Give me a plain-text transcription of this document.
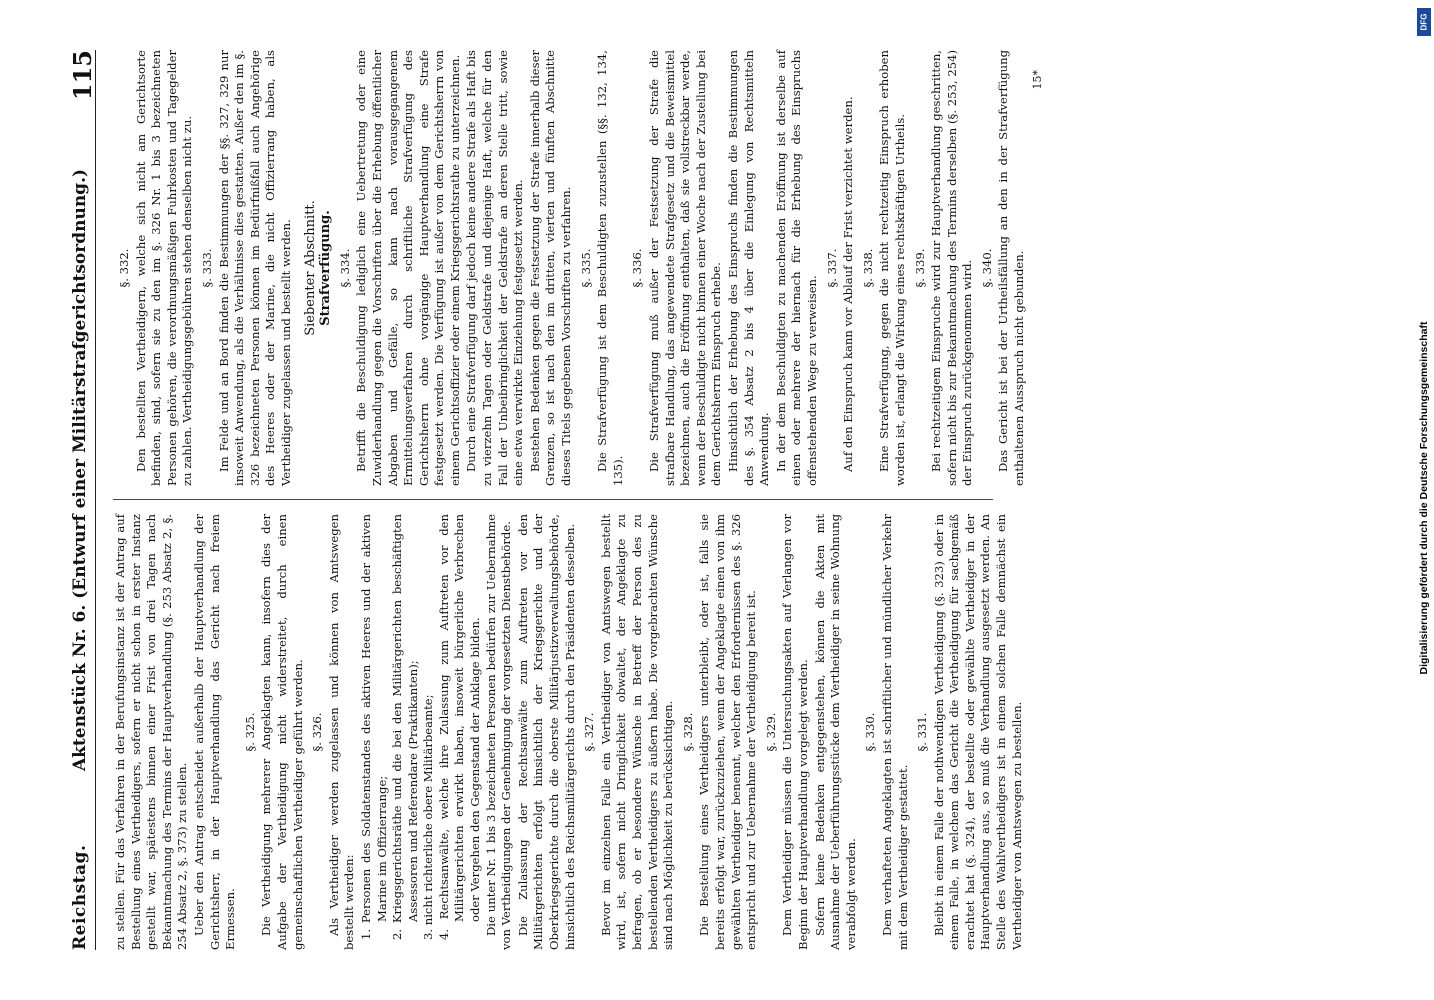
Reichstag.
Aktenstück Nr. 6. (Entwurf einer Militärstrafgerichtsordnung.)
115

zu stellen. Für das Verfahren in der Berufungsinstanz ist der Antrag auf Bestellung eines Vertheidigers, sofern er nicht schon in erster Instanz gestellt war, spätestens binnen einer Frist von drei Tagen nach Bekanntmachung des Termins der Hauptverhandlung (§. 253 Absatz 2, §. 254 Absatz 2, §. 373) zu stellen. Ueber den Antrag entscheidet außerhalb der Hauptverhandlung der Gerichtsherr, in der Hauptverhandlung das Gericht nach freiem Ermessen.

§. 325. Die Vertheidigung mehrerer Angeklagten kann, insofern dies der Aufgabe der Vertheidigung nicht widerstreitet, durch einen gemeinschaftlichen Vertheidiger geführt werden. §. 326. Als Vertheidiger werden zugelassen und können von Amtswegen bestellt werden: 1. Personen des Soldatenstandes des aktiven Heeres und der aktiven Marine im Offizierrange; 2. Kriegsgerichtsräthe und die bei den Militärgerichten beschäftigten Assessoren und Referendare (Praktikanten); 3. nicht richterliche obere Militärbeamte; 4. Rechtsanwälte, welche ihre Zulassung zum Auftreten vor den Militärgerichten erwirkt haben, insoweit bürgerliche Verbrechen oder Vergehen den Gegenstand der Anklage bilden. Die unter Nr. 1 bis 3 bezeichneten Personen bedürfen zur Uebernahme von Vertheidigungen der Genehmigung der vorgesetzten Dienstbehörde. Die Zulassung der Rechtsanwälte zum Auftreten vor den Militärgerichten erfolgt hinsichtlich der Kriegsgerichte und der Oberkriegsgerichte durch die oberste Militärjustizverwaltungsbehörde, hinsichtlich des Reichsmilitärgerichts durch den Präsidenten desselben. §. 327. Bevor im einzelnen Falle ein Vertheidiger von Amtswegen bestellt wird, ist, sofern nicht Dringlichkeit obwaltet, der Angeklagte zu befragen, ob er besondere Wünsche in Betreff der Person des zu bestellenden Vertheidigers zu äußern habe. Die vorgebrachten Wünsche sind nach Möglichkeit zu berücksichtigen. §. 328. Die Bestellung eines Vertheidigers unterbleibt, oder ist, falls sie bereits erfolgt war, zurückzuziehen, wenn der Angeklagte einen von ihm gewählten Vertheidiger benennt, welcher den Erfordernissen des §. 326 entspricht und zur Uebernahme der Vertheidigung bereit ist. §. 329. Dem Vertheidiger müssen die Untersuchungsakten auf Verlangen vor Beginn der Hauptverhandlung vorgelegt werden. Sofern keine Bedenken entgegenstehen, können die Akten mit Ausnahme der Ueberführungsstücke dem Vertheidiger in seine Wohnung verabfolgt werden.

§. 330. Dem verhafteten Angeklagten ist schriftlicher und mündlicher Verkehr mit dem Vertheidiger gestattet.

§. 331. Bleibt in einem Falle der nothwendigen Vertheidigung (§. 323) oder in einem Falle, in welchem das Gericht die Vertheidigung für sachgemäß erachtet hat (§. 324), der bestellte oder gewählte Vertheidiger in der Hauptverhandlung aus, so muß die Verhandlung ausgesetzt werden. An Stelle des Wahlvertheidigers ist in einem solchen Falle demnächst ein Vertheidiger von Amtswegen zu bestellen.

§. 332. Den bestellten Vertheidigern, welche sich nicht am Gerichtsorte befinden, sind, sofern sie zu den im §. 326 Nr. 1 bis 3 bezeichneten Personen gehören, die verordnungsmäßigen Fuhrkosten und Tagegelder zu zahlen. Vertheidigungsgebühren stehen denselben nicht zu. §. 333. Im Felde und an Bord finden die Bestimmungen der §§. 327, 329 nur insoweit Anwendung, als die Verhältnisse dies gestatten. Außer den im §. 326 bezeichneten Personen können im Bedürfnißfall auch Angehörige des Heeres oder der Marine, die nicht Offizierrang haben, als Vertheidiger zugelassen und bestellt werden. Siebenter Abschnitt. Strafverfügung. §. 334. Betrifft die Beschuldigung lediglich eine Uebertretung oder eine Zuwiderhandlung gegen die Vorschriften über die Erhebung öffentlicher Abgaben und Gefälle, so kann nach vorausgegangenem Ermittelungsverfahren durch schriftliche Strafverfügung des Gerichtsherrn ohne vorgängige Hauptverhandlung eine Strafe festgesetzt werden. Die Verfügung ist außer von dem Gerichtsherrn von einem Gerichtsoffizier oder einem Kriegsgerichtsrathe zu unterzeichnen. Durch eine Strafverfügung darf jedoch keine andere Strafe als Haft bis zu vierzehn Tagen oder Geldstrafe und diejenige Haft, welche für den Fall der Unbeibringlichkeit der Geldstrafe an deren Stelle tritt, sowie eine etwa verwirkte Einziehung festgesetzt werden. Bestehen Bedenken gegen die Festsetzung der Strafe innerhalb dieser Grenzen, so ist nach den im dritten, vierten und fünften Abschnitte dieses Titels gegebenen Vorschriften zu verfahren. §. 335. Die Strafverfügung ist dem Beschuldigten zuzustellen (§§. 132, 134, 135).

§. 336. Die Strafverfügung muß außer der Festsetzung der Strafe die strafbare Handlung, das angewendete Strafgesetz und die Beweismittel bezeichnen, auch die Eröffnung enthalten, daß sie vollstreckbar werde, wenn der Beschuldigte nicht binnen einer Woche nach der Zustellung bei dem Gerichtsherrn Einspruch erhebe. Hinsichtlich der Erhebung des Einspruchs finden die Bestimmungen des §. 354 Absatz 2 bis 4 über die Einlegung von Rechtsmitteln Anwendung. In der dem Beschuldigten zu machenden Eröffnung ist derselbe auf einen oder mehrere der hiernach für die Erhebung des Einspruchs offenstehenden Wege zu verweisen.

§. 337. Auf den Einspruch kann vor Ablauf der Frist verzichtet werden. §. 338. Eine Strafverfügung, gegen die nicht rechtzeitig Einspruch erhoben worden ist, erlangt die Wirkung eines rechtskräftigen Urtheils. §. 339. Bei rechtzeitigem Einspruche wird zur Hauptverhandlung geschritten, sofern nicht bis zur Bekanntmachung des Termins derselben (§. 253, 254) der Einspruch zurückgenommen wird. §. 340. Das Gericht ist bei der Urtheilsfällung an den in der Strafverfügung enthaltenen Ausspruch nicht gebunden.

15*
DFG
Digitalisierung gefördert durch die Deutsche Forschungsgemeinschaft
